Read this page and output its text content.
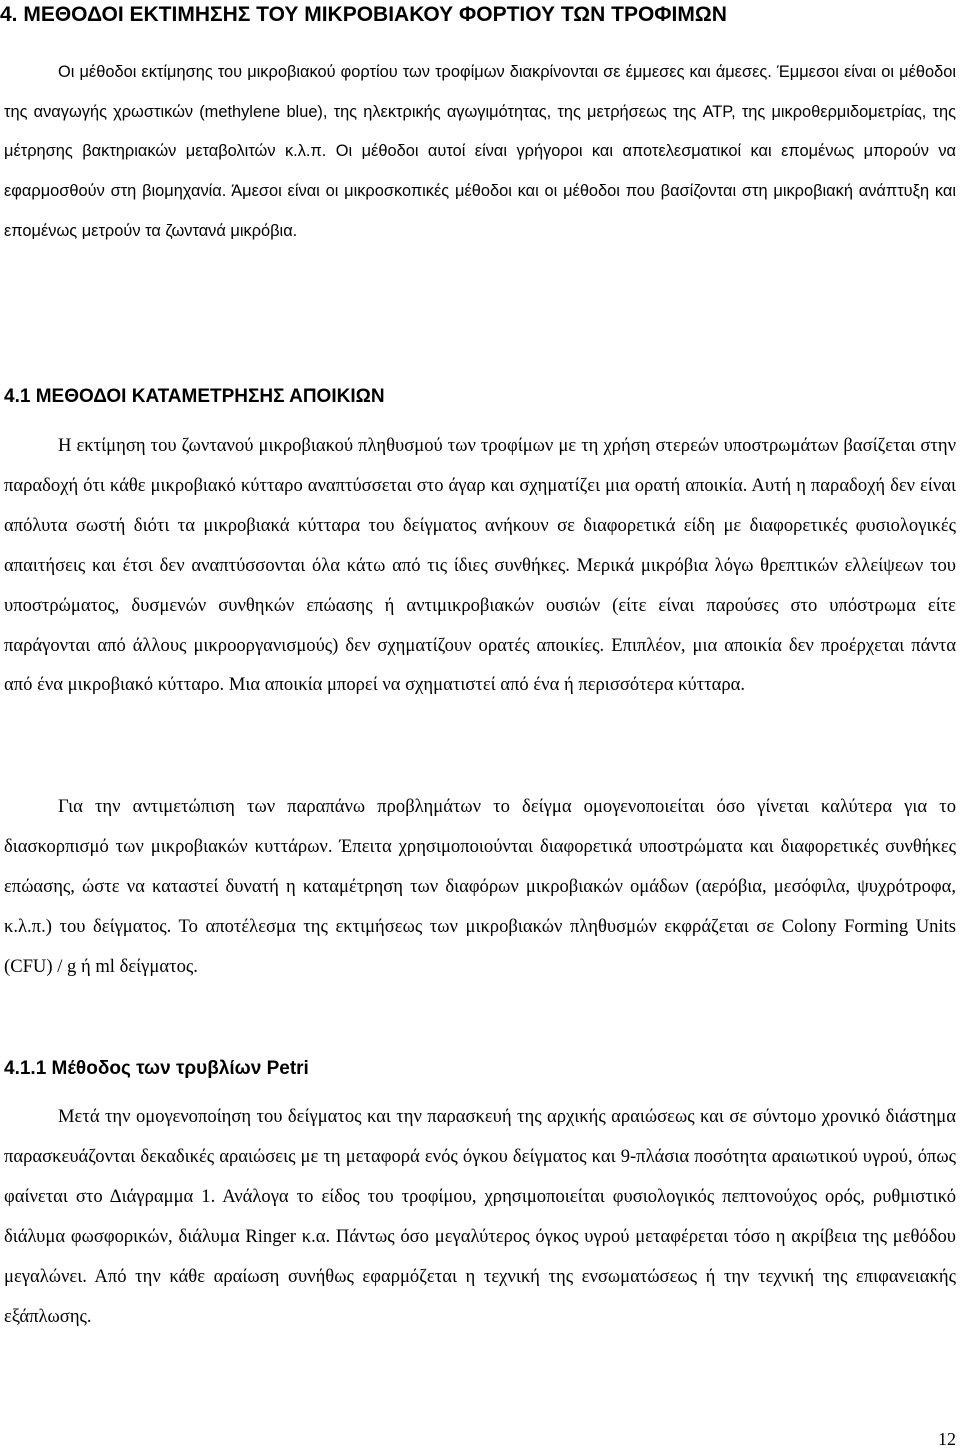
4. ΜΕΘΟΔΟΙ ΕΚΤΙΜΗΣΗΣ ΤΟΥ ΜΙΚΡΟΒΙΑΚΟΥ ΦΟΡΤΙΟΥ ΤΩΝ ΤΡΟΦΙΜΩΝ

Οι μέθοδοι εκτίμησης του μικροβιακού φορτίου των τροφίμων διακρίνονται σε έμμεσες και άμεσες. Έμμεσοι είναι οι μέθοδοι της αναγωγής χρωστικών (methylene blue), της ηλεκτρικής αγωγιμότητας, της μετρήσεως της ATP, της μικροθερμιδομετρίας, της μέτρησης βακτηριακών μεταβολιτών κ.λ.π. Οι μέθοδοι αυτοί είναι γρήγοροι και αποτελεσματικοί και επομένως μπορούν να εφαρμοσθούν στη βιομηχανία. Άμεσοι είναι οι μικροσκοπικές μέθοδοι και οι μέθοδοι που βασίζονται στη μικροβιακή ανάπτυξη και επομένως μετρούν τα ζωντανά μικρόβια.

4.1 ΜΕΘΟΔΟΙ ΚΑΤΑΜΕΤΡΗΣΗΣ ΑΠΟΙΚΙΩΝ

Η εκτίμηση του ζωντανού μικροβιακού πληθυσμού των τροφίμων με τη χρήση στερεών υποστρωμάτων βασίζεται στην παραδοχή ότι κάθε μικροβιακό κύτταρο αναπτύσσεται στο άγαρ και σχηματίζει μια ορατή αποικία. Αυτή η παραδοχή δεν είναι απόλυτα σωστή διότι τα μικροβιακά κύτταρα του δείγματος ανήκουν σε διαφορετικά είδη με διαφορετικές φυσιολογικές απαιτήσεις και έτσι δεν αναπτύσσονται όλα κάτω από τις ίδιες συνθήκες. Μερικά μικρόβια λόγω θρεπτικών ελλείψεων του υποστρώματος, δυσμενών συνθηκών επώασης ή αντιμικροβιακών ουσιών (είτε είναι παρούσες στο υπόστρωμα είτε παράγονται από άλλους μικροοργανισμούς) δεν σχηματίζουν ορατές αποικίες. Επιπλέον, μια αποικία δεν προέρχεται πάντα από ένα μικροβιακό κύτταρο. Μια αποικία μπορεί να σχηματιστεί από ένα ή περισσότερα κύτταρα.

Για την αντιμετώπιση των παραπάνω προβλημάτων το δείγμα ομογενοποιείται όσο γίνεται καλύτερα για το διασκορπισμό των μικροβιακών κυττάρων. Έπειτα χρησιμοποιούνται διαφορετικά υποστρώματα και διαφορετικές συνθήκες επώασης, ώστε να καταστεί δυνατή η καταμέτρηση των διαφόρων μικροβιακών ομάδων (αερόβια, μεσόφιλα, ψυχρότροφα, κ.λ.π.) του δείγματος. Το αποτέλεσμα της εκτιμήσεως των μικροβιακών πληθυσμών εκφράζεται σε Colony Forming Units (CFU) / g ή ml δείγματος.

4.1.1 Μέθοδος των τρυβλίων Petri

Μετά την ομογενοποίηση του δείγματος και την παρασκευή της αρχικής αραιώσεως και σε σύντομο χρονικό διάστημα παρασκευάζονται δεκαδικές αραιώσεις με τη μεταφορά ενός όγκου δείγματος και 9-πλάσια ποσότητα αραιωτικού υγρού, όπως φαίνεται στο Διάγραμμα 1. Ανάλογα το είδος του τροφίμου, χρησιμοποιείται φυσιολογικός πεπτονούχος ορός, ρυθμιστικό διάλυμα φωσφορικών, διάλυμα Ringer κ.α. Πάντως όσο μεγαλύτερος όγκος υγρού μεταφέρεται τόσο η ακρίβεια της μεθόδου μεγαλώνει. Από την κάθε αραίωση συνήθως εφαρμόζεται η τεχνική της ενσωματώσεως ή την τεχνική της επιφανειακής εξάπλωσης.

12
